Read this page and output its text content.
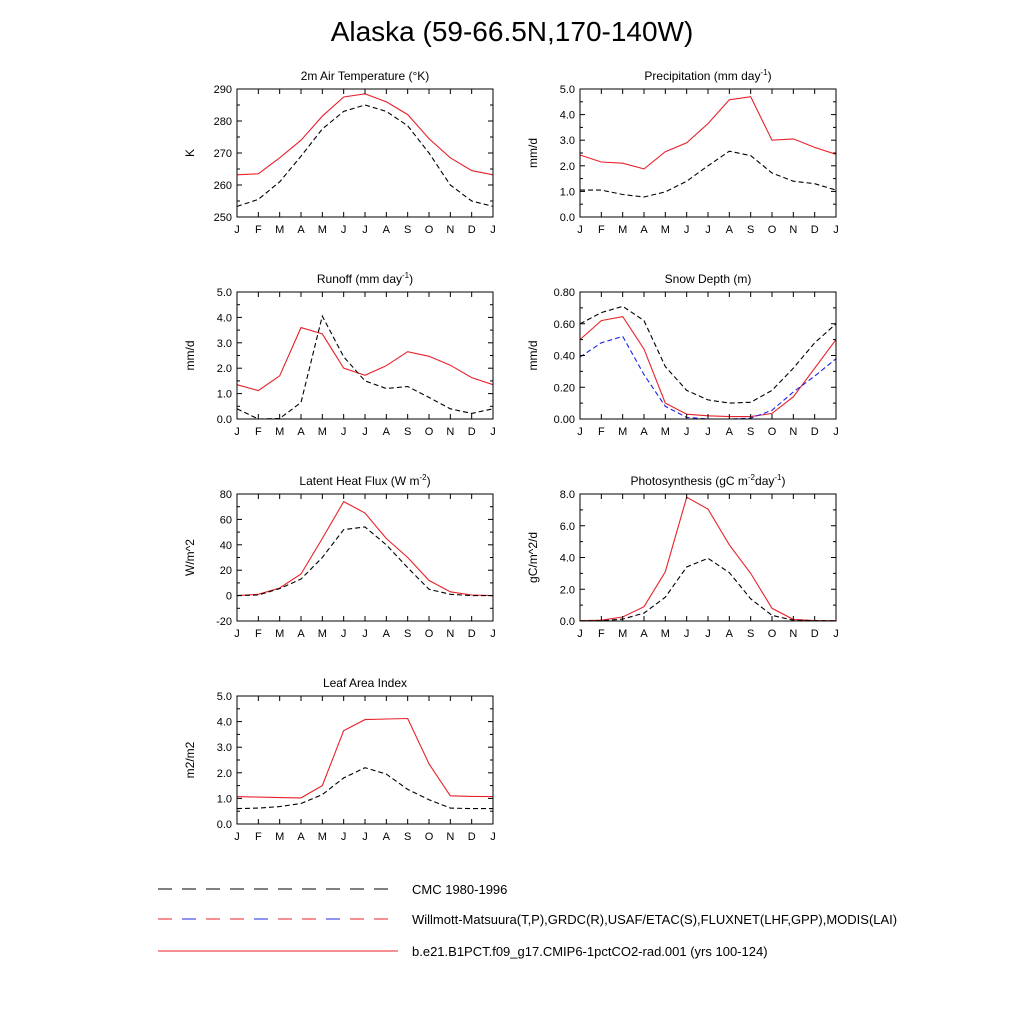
Alaska (59-66.5N,170-140W)
2m Air Temperature (°K)
J F M A M J J A S O N D J
250
260
270
280
290
K
Precipitation (mm day$^{-1}$)
J F M A M J J A S O N D J
0.0
1.0
2.0
3.0
4.0
5.0
mm/d
Runoff (mm day$^{-1}$)
J F M A M J J A S O N D J
0.0
1.0
2.0
3.0
4.0
5.0
mm/d
Snow Depth (m)
J F M A M J J A S O N D J
0.00
0.20
0.40
0.60
0.80
mm/d
Latent Heat Flux (W $m^{-2}$)
J F M A M J J A S O N D J
-20
0
20
40
60
80
W/m^2
Photosynthesis (gC $m^{-2}day^{-1}$)
J F M A M J J A S O N D J
0.0
2.0
4.0
6.0
8.0
gC/m^2/d
Leaf Area Index
J F M A M J J A S O N D J
0.0
1.0
2.0
3.0
4.0
5.0
m2/m2
CMC 1980-1996
Willmott-Matsuura(T,P),GRDC(R),USAF/ETAC(S),FLUXNET(LHF,GPP),MODIS(LAI)
b.e21.B1PCT.f09_g17.CMIP6-1pctCO2-rad.001 (yrs 100-124)
